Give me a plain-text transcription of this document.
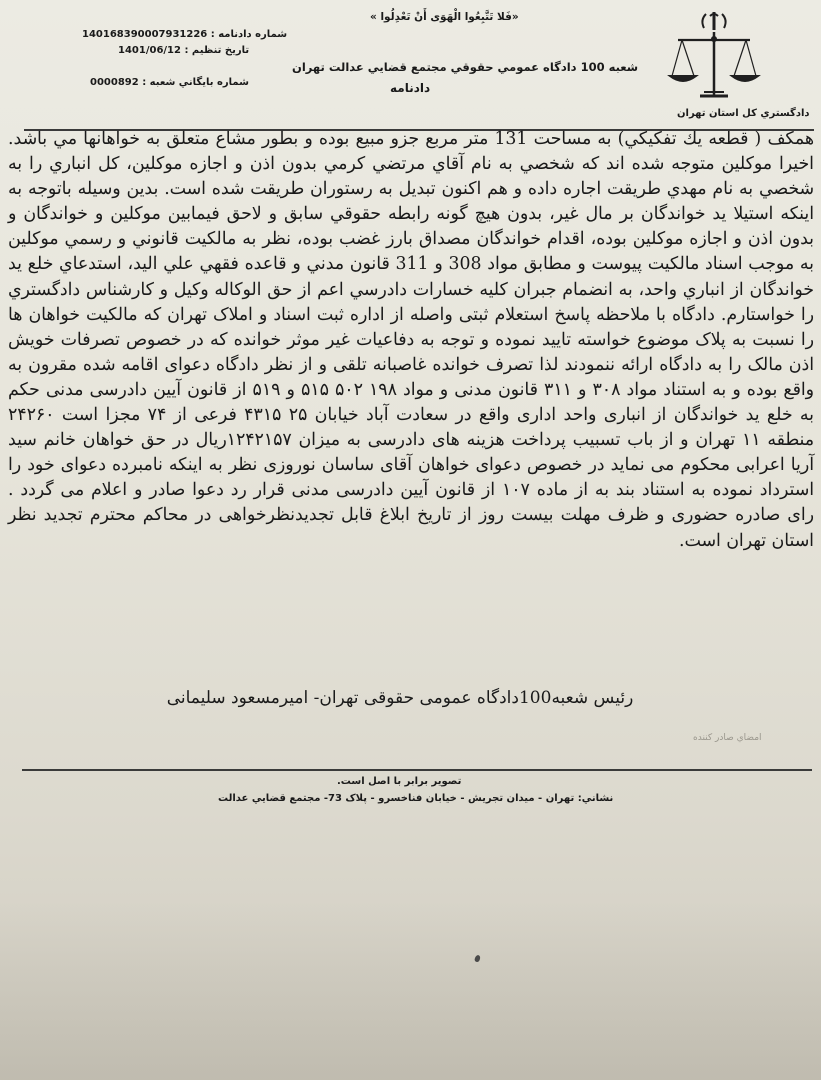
«فَلا تَتَّبِعُوا الْهَوَى أَنْ تَعْدِلُوا »
شماره دادنامه : 140168390007931226
تاريخ تنظيم : 1401/06/12
شماره بايگاني شعبه : 0000892
شعبه 100 دادگاه عمومي حقوقي مجتمع قضايي عدالت تهران
دادنامه
دادگستري كل استان تهران
همکف ( قطعه يك تفكيكي) به مساحت 131 متر مربع جزو مبيع بوده و بطور مشاع متعلق به خواهانها مي باشد. اخيرا موكلين متوجه شده اند كه شخصي به نام آقاي مرتضي كرمي بدون اذن و اجازه موكلين، كل انباري را به شخصي به نام مهدي طريقت اجاره داده و هم اكنون تبديل به رستوران طريقت شده است. بدين وسيله باتوجه به اينكه استيلا يد خواندگان بر مال غير، بدون هيچ گونه رابطه حقوقي سابق و لاحق فيمابين موكلين و خواندگان و بدون اذن و اجازه موكلين بوده، اقدام خواندگان مصداق بارز غضب بوده، نظر به مالكيت قانوني و رسمي موكلين به موجب اسناد مالكيت پيوست و مطابق مواد 308 و 311 قانون مدني و قاعده فقهي علي اليد، استدعاي خلع يد خواندگان از انباري واحد، به انضمام جبران كليه خسارات دادرسي اعم از حق الوكاله وكيل و كارشناس دادگستري را خواستارم. دادگاه با ملاحظه پاسخ استعلام ثبتی واصله از اداره ثبت اسناد و املاک تهران که مالکیت خواهان ها را نسبت به پلاک موضوع خواسته تایید نموده و توجه به دفاعیات غیر موثر خوانده که در خصوص تصرفات خویش اذن مالک را به دادگاه ارائه ننمودند لذا تصرف خوانده غاصبانه تلقی و از نظر دادگاه دعوای اقامه شده مقرون به واقع بوده و به استناد مواد ۳۰۸ و ۳۱۱ قانون مدنی و مواد ۱۹۸ ۵۰۲ ۵۱۵ و ۵۱۹ از قانون آیین دادرسی مدنی حکم به خلع ید خواندگان از انباری واحد اداری واقع در سعادت آباد خیابان ۲۵ ۴۳۱۵ فرعی از ۷۴ مجزا است ۲۴۲۶۰ منطقه ۱۱ تهران و از باب تسبیب پرداخت هزینه های دادرسی به میزان ۱۲۴۲۱۵۷ریال در حق خواهان خانم سید آریا اعرابی محکوم می نماید در خصوص دعوای خواهان آقای ساسان نوروزی نظر به اینکه نامبرده دعوای خود را استرداد نموده به استناد بند به از ماده ۱۰۷ از قانون آیین دادرسی مدنی قرار رد دعوا صادر و اعلام می گردد . رای صادره حضوری و ظرف مهلت بیست روز از تاریخ ابلاغ قابل تجدیدنظرخواهی در محاکم محترم تجدید نظر استان تهران است.
رئیس شعبه100دادگاه عمومی حقوقی تهران- امیرمسعود سلیمانی
امضاي صادر كننده
تصوير برابر با اصل است.
نشاني: تهران - ميدان تجريش - خيابان فناخسرو - پلاک 73- مجتمع قضايي عدالت
